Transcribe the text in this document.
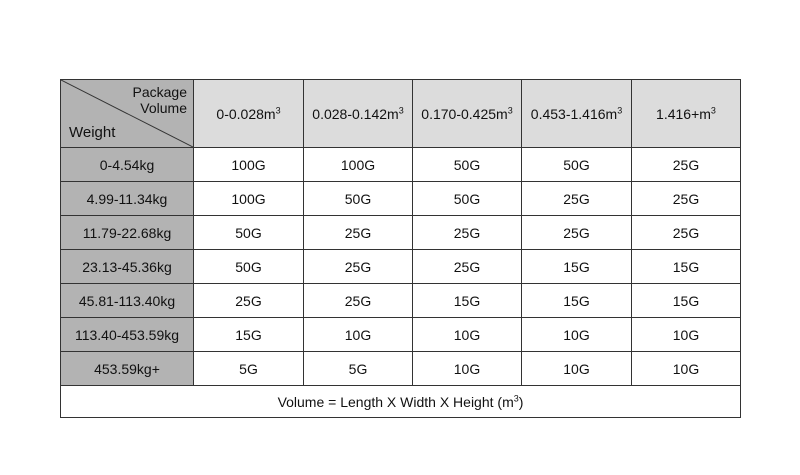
Package
Volume
Weight	$0-0.028m^3$	$0.028-0.142m^3$	$0.170-0.425m^3$	$0.453-1.416m^3$	$1.416+m^3$
0-4.54kg	100G	100G	50G	50G	25G
4.99-11.34kg	100G	50G	50G	25G	25G
11.79-22.68kg	50G	25G	25G	25G	25G
23.13-45.36kg	50G	25G	25G	15G	15G
45.81-113.40kg	25G	25G	15G	15G	15G
113.40-453.59kg	15G	10G	10G	10G	10G
453.59kg+	5G	5G	10G	10G	10G
Volume = Length X Width X Height $(m^3)$					
